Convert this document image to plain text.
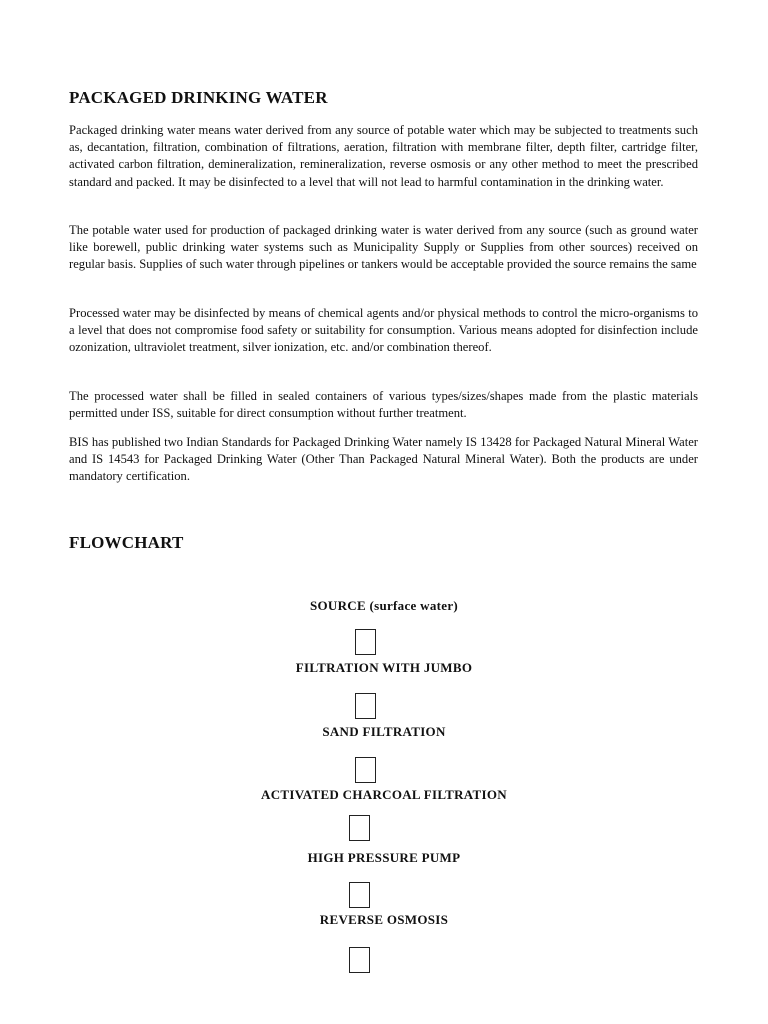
PACKAGED DRINKING WATER

Packaged drinking water means water derived from any source of potable water which may be subjected to treatments such as, decantation, filtration, combination of filtrations, aeration, filtration with membrane filter, depth filter, cartridge filter, activated carbon filtration, demineralization, remineralization, reverse osmosis or any other method to meet the prescribed standard and packed. It may be disinfected to a level that will not lead to harmful contamination in the drinking water.

The potable water used for production of packaged drinking water is water derived from any source (such as ground water like borewell, public drinking water systems such as Municipality Supply or Supplies from other sources) received on regular basis. Supplies of such water through pipelines or tankers would be acceptable provided the source remains the same

Processed water may be disinfected by means of chemical agents and/or physical methods to control the micro-organisms to a level that does not compromise food safety or suitability for consumption. Various means adopted for disinfection include ozonization, ultraviolet treatment, silver ionization, etc. and/or combination thereof.

The processed water shall be filled in sealed containers of various types/sizes/shapes made from the plastic materials permitted under ISS, suitable for direct consumption without further treatment.

BIS has published two Indian Standards for Packaged Drinking Water namely IS 13428 for Packaged Natural Mineral Water and IS 14543 for Packaged Drinking Water (Other Than Packaged Natural Mineral Water). Both the products are under mandatory certification.

FLOWCHART

SOURCE (surface water)

FILTRATION WITH JUMBO

SAND FILTRATION

ACTIVATED CHARCOAL FILTRATION

HIGH PRESSURE PUMP

REVERSE OSMOSIS
